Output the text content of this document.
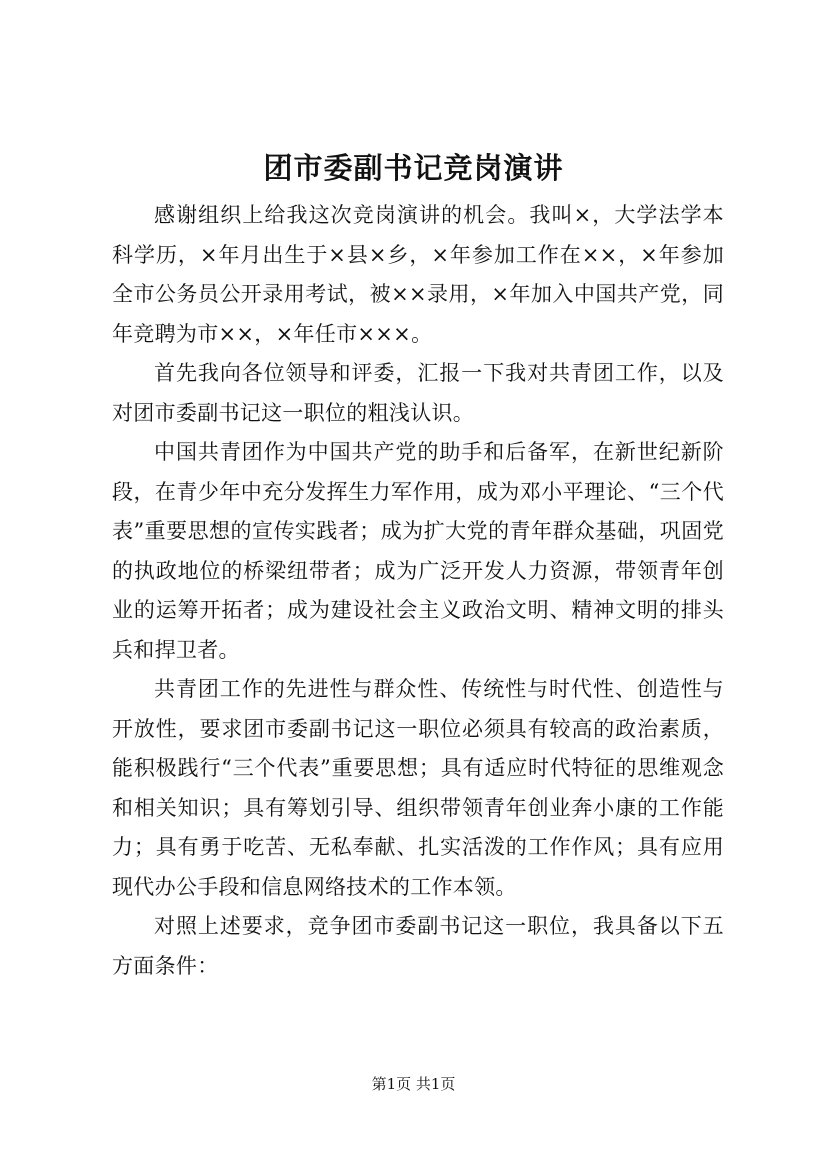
团市委副书记竞岗演讲

感谢组织上给我这次竞岗演讲的机会。我叫×，大学法学本科学历，×年月出生于×县×乡，×年参加工作在××，×年参加全市公务员公开录用考试，被××录用，×年加入中国共产党，同年竞聘为市××，×年任市×××。

首先我向各位领导和评委，汇报一下我对共青团工作，以及对团市委副书记这一职位的粗浅认识。

中国共青团作为中国共产党的助手和后备军，在新世纪新阶段，在青少年中充分发挥生力军作用，成为邓小平理论、“三个代表”重要思想的宣传实践者；成为扩大党的青年群众基础，巩固党的执政地位的桥梁纽带者；成为广泛开发人力资源，带领青年创业的运筹开拓者；成为建设社会主义政治文明、精神文明的排头兵和捍卫者。

共青团工作的先进性与群众性、传统性与时代性、创造性与开放性，要求团市委副书记这一职位必须具有较高的政治素质，能积极践行“三个代表”重要思想；具有适应时代特征的思维观念和相关知识；具有筹划引导、组织带领青年创业奔小康的工作能力；具有勇于吃苦、无私奉献、扎实活泼的工作作风；具有应用现代办公手段和信息网络技术的工作本领。

对照上述要求，竞争团市委副书记这一职位，我具备以下五方面条件：

第1页 共1页
